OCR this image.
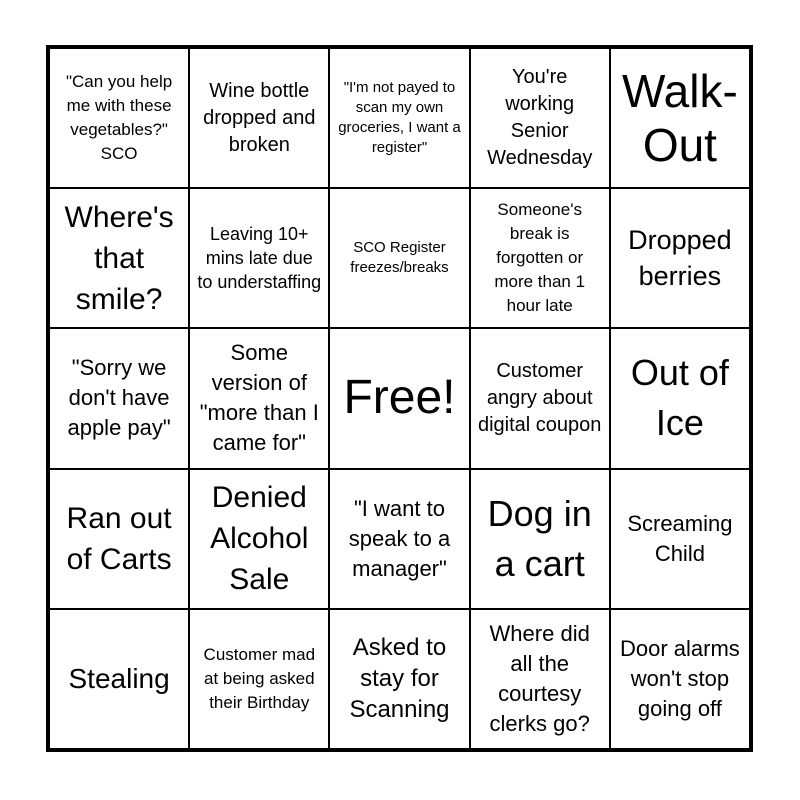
"Can you help me with these vegetables?" SCO
Wine bottle dropped and broken
"I'm not payed to scan my own groceries, I want a register"
You're working Senior Wednesday
Walk-Out
Where's that smile?
Leaving 10+ mins late due to understaffing
SCO Register freezes/breaks
Someone's break is forgotten or more than 1 hour late
Dropped berries
"Sorry we don't have apple pay"
Some version of "more than I came for"
Free!
Customer angry about digital coupon
Out of Ice
Ran out of Carts
Denied Alcohol Sale
"I want to speak to a manager"
Dog in a cart
Screaming Child
Stealing
Customer mad at being asked their Birthday
Asked to stay for Scanning
Where did all the courtesy clerks go?
Door alarms won't stop going off
